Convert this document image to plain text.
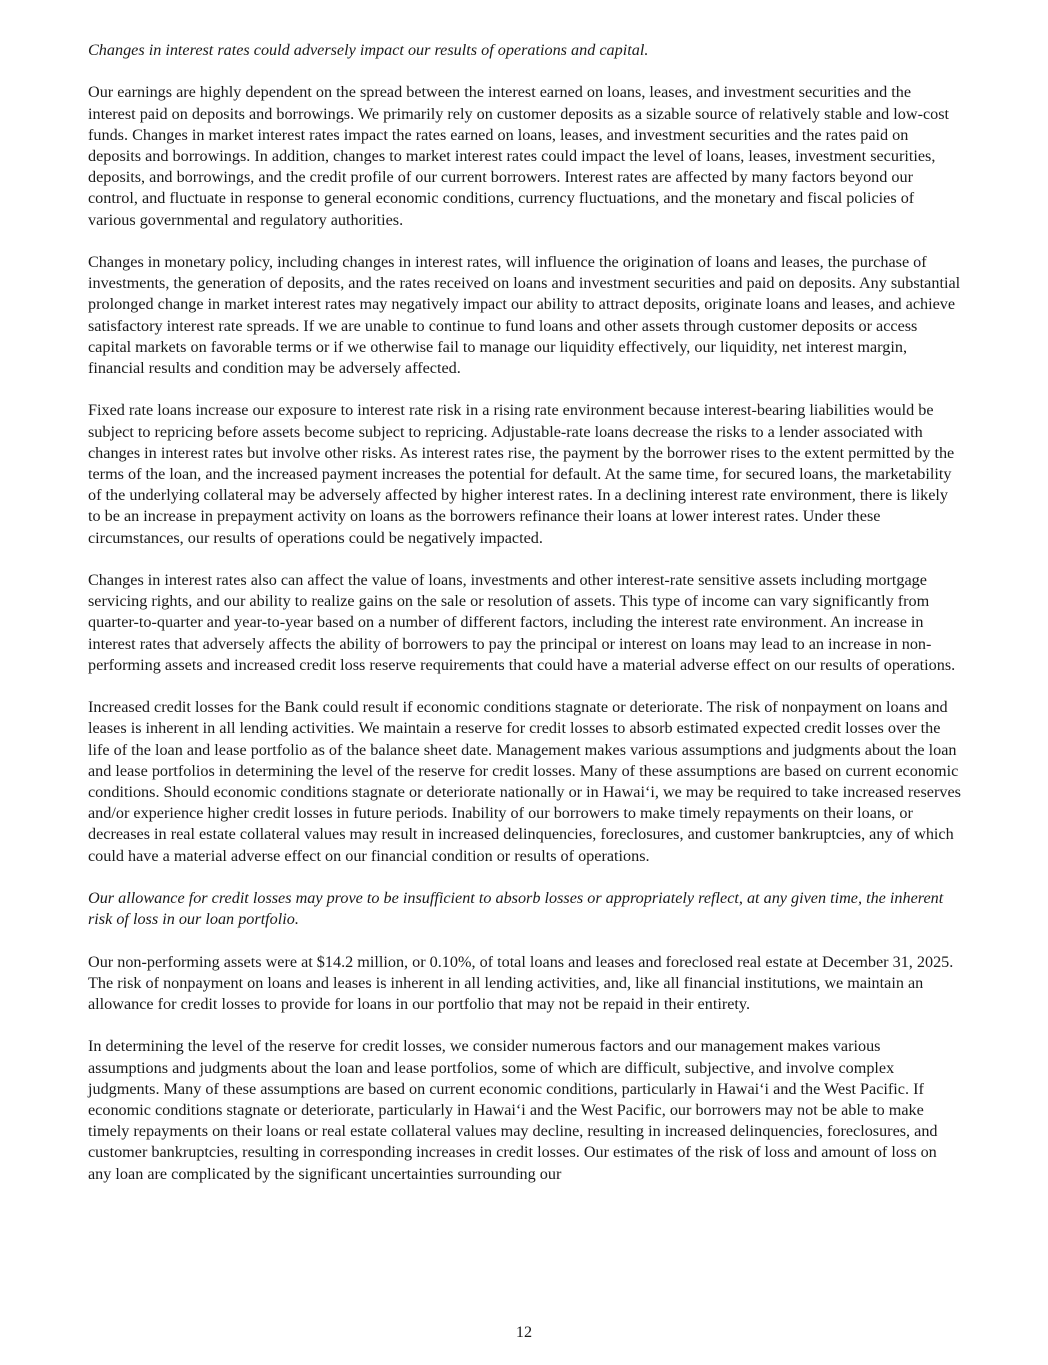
Changes in interest rates could adversely impact our results of operations and capital.

Our earnings are highly dependent on the spread between the interest earned on loans, leases, and investment securities and the interest paid on deposits and borrowings. We primarily rely on customer deposits as a sizable source of relatively stable and low-cost funds. Changes in market interest rates impact the rates earned on loans, leases, and investment securities and the rates paid on deposits and borrowings. In addition, changes to market interest rates could impact the level of loans, leases, investment securities, deposits, and borrowings, and the credit profile of our current borrowers. Interest rates are affected by many factors beyond our control, and fluctuate in response to general economic conditions, currency fluctuations, and the monetary and fiscal policies of various governmental and regulatory authorities.

Changes in monetary policy, including changes in interest rates, will influence the origination of loans and leases, the purchase of investments, the generation of deposits, and the rates received on loans and investment securities and paid on deposits. Any substantial prolonged change in market interest rates may negatively impact our ability to attract deposits, originate loans and leases, and achieve satisfactory interest rate spreads. If we are unable to continue to fund loans and other assets through customer deposits or access capital markets on favorable terms or if we otherwise fail to manage our liquidity effectively, our liquidity, net interest margin, financial results and condition may be adversely affected.

Fixed rate loans increase our exposure to interest rate risk in a rising rate environment because interest-bearing liabilities would be subject to repricing before assets become subject to repricing. Adjustable-rate loans decrease the risks to a lender associated with changes in interest rates but involve other risks. As interest rates rise, the payment by the borrower rises to the extent permitted by the terms of the loan, and the increased payment increases the potential for default. At the same time, for secured loans, the marketability of the underlying collateral may be adversely affected by higher interest rates. In a declining interest rate environment, there is likely to be an increase in prepayment activity on loans as the borrowers refinance their loans at lower interest rates. Under these circumstances, our results of operations could be negatively impacted.

Changes in interest rates also can affect the value of loans, investments and other interest-rate sensitive assets including mortgage servicing rights, and our ability to realize gains on the sale or resolution of assets. This type of income can vary significantly from quarter-to-quarter and year-to-year based on a number of different factors, including the interest rate environment. An increase in interest rates that adversely affects the ability of borrowers to pay the principal or interest on loans may lead to an increase in non-performing assets and increased credit loss reserve requirements that could have a material adverse effect on our results of operations.

Increased credit losses for the Bank could result if economic conditions stagnate or deteriorate. The risk of nonpayment on loans and leases is inherent in all lending activities. We maintain a reserve for credit losses to absorb estimated expected credit losses over the life of the loan and lease portfolio as of the balance sheet date. Management makes various assumptions and judgments about the loan and lease portfolios in determining the level of the reserve for credit losses. Many of these assumptions are based on current economic conditions. Should economic conditions stagnate or deteriorate nationally or in Hawai‘i, we may be required to take increased reserves and/or experience higher credit losses in future periods. Inability of our borrowers to make timely repayments on their loans, or decreases in real estate collateral values may result in increased delinquencies, foreclosures, and customer bankruptcies, any of which could have a material adverse effect on our financial condition or results of operations.

Our allowance for credit losses may prove to be insufficient to absorb losses or appropriately reflect, at any given time, the inherent risk of loss in our loan portfolio.

Our non-performing assets were at $14.2 million, or 0.10%, of total loans and leases and foreclosed real estate at December 31, 2025. The risk of nonpayment on loans and leases is inherent in all lending activities, and, like all financial institutions, we maintain an allowance for credit losses to provide for loans in our portfolio that may not be repaid in their entirety.

In determining the level of the reserve for credit losses, we consider numerous factors and our management makes various assumptions and judgments about the loan and lease portfolios, some of which are difficult, subjective, and involve complex judgments. Many of these assumptions are based on current economic conditions, particularly in Hawai‘i and the West Pacific. If economic conditions stagnate or deteriorate, particularly in Hawai‘i and the West Pacific, our borrowers may not be able to make timely repayments on their loans or real estate collateral values may decline, resulting in increased delinquencies, foreclosures, and customer bankruptcies, resulting in corresponding increases in credit losses. Our estimates of the risk of loss and amount of loss on any loan are complicated by the significant uncertainties surrounding our

12
